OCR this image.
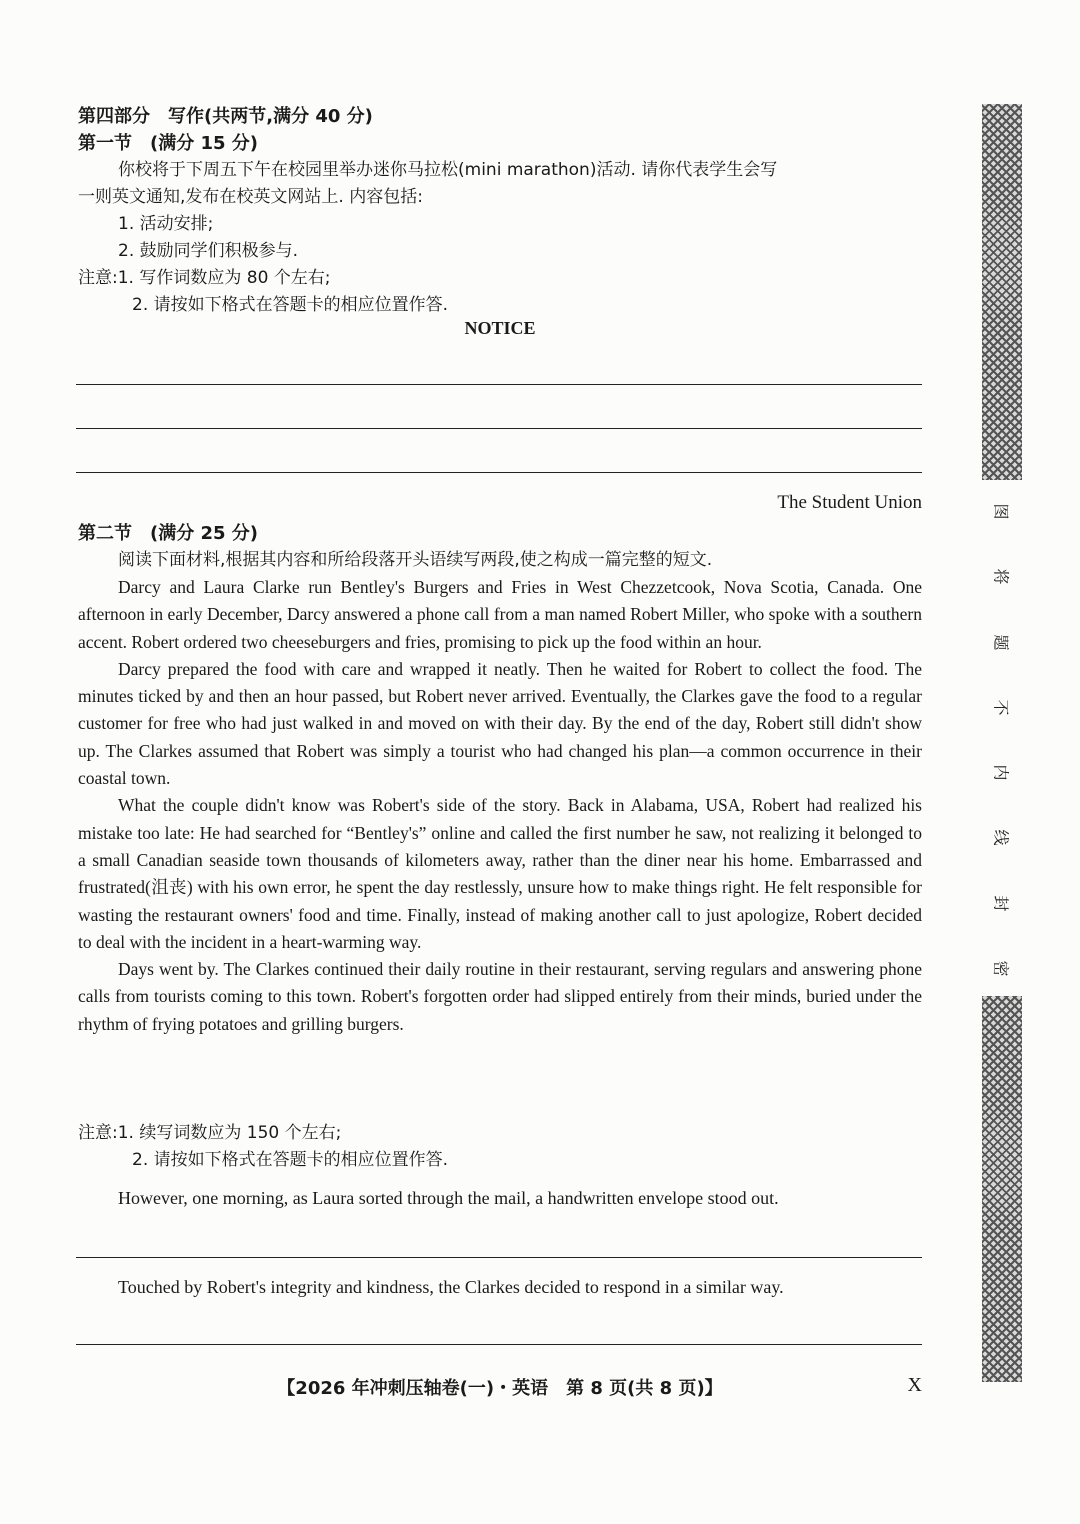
第四部分　写作(共两节,满分 40 分)
第一节　(满分 15 分)
你校将于下周五下午在校园里举办迷你马拉松(mini marathon)活动. 请你代表学生会写
一则英文通知,发布在校英文网站上. 内容包括:
1. 活动安排;
2. 鼓励同学们积极参与.
注意:1. 写作词数应为 80 个左右;
2. 请按如下格式在答题卡的相应位置作答.
NOTICE
The Student Union
第二节　(满分 25 分)
阅读下面材料,根据其内容和所给段落开头语续写两段,使之构成一篇完整的短文.

Darcy and Laura Clarke run Bentley's Burgers and Fries in West Chezzetcook, Nova Scotia, Canada. One afternoon in early December, Darcy answered a phone call from a man named Robert Miller, who spoke with a southern accent. Robert ordered two cheeseburgers and fries, promising to pick up the food within an hour.

Darcy prepared the food with care and wrapped it neatly. Then he waited for Robert to collect the food. The minutes ticked by and then an hour passed, but Robert never arrived. Eventually, the Clarkes gave the food to a regular customer for free who had just walked in and moved on with their day. By the end of the day, Robert still didn't show up. The Clarkes assumed that Robert was simply a tourist who had changed his plan—a common occurrence in their coastal town.

What the couple didn't know was Robert's side of the story. Back in Alabama, USA, Robert had realized his mistake too late: He had searched for “Bentley's” online and called the first number he saw, not realizing it belonged to a small Canadian seaside town thousands of kilometers away, rather than the diner near his home. Embarrassed and frustrated(沮丧) with his own error, he spent the day restlessly, unsure how to make things right. He felt responsible for wasting the restaurant owners' food and time. Finally, instead of making another call to just apologize, Robert decided to deal with the incident in a heart-warming way.

Days went by. The Clarkes continued their daily routine in their restaurant, serving regulars and answering phone calls from tourists coming to this town. Robert's forgotten order had slipped entirely from their minds, buried under the rhythm of frying potatoes and grilling burgers.

注意:1. 续写词数应为 150 个左右;
2. 请按如下格式在答题卡的相应位置作答.
However, one morning, as Laura sorted through the mail, a handwritten envelope stood out.
Touched by Robert's integrity and kindness, the Clarkes decided to respond in a similar way.
图
将
题
不
内
线
封
密
【2026 年冲刺压轴卷(一)・英语　第 8 页(共 8 页)】	X
